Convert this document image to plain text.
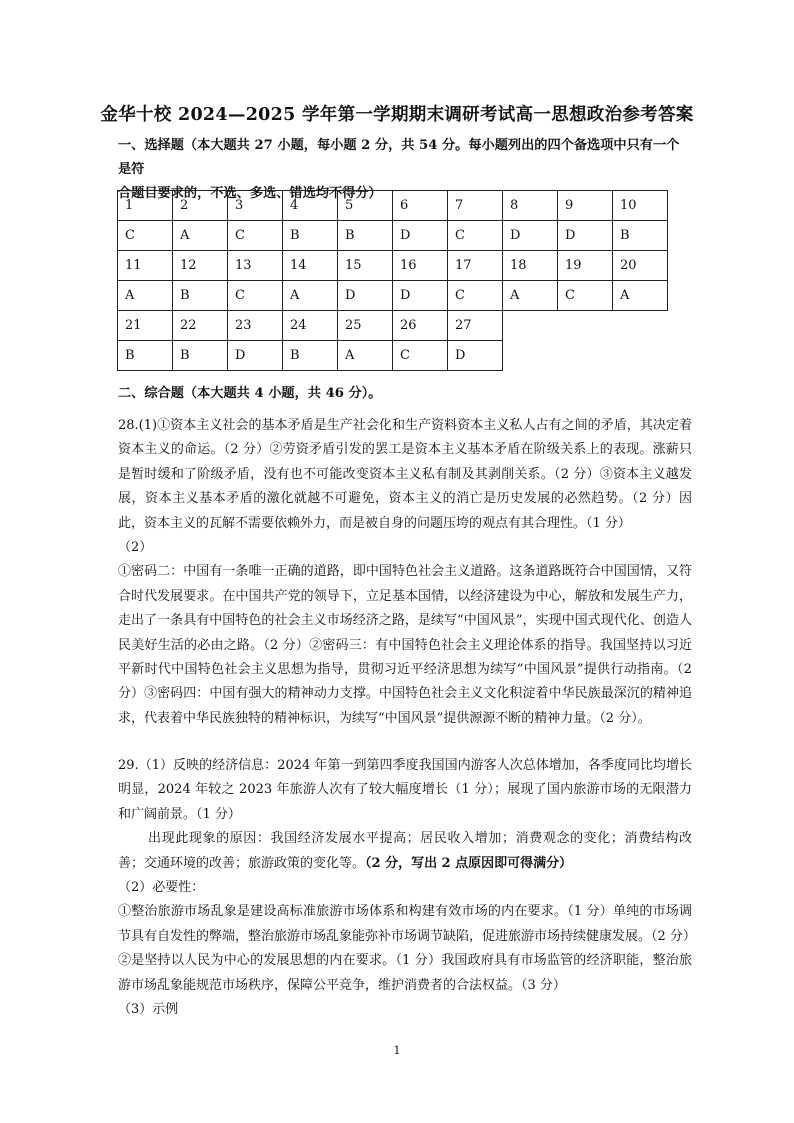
金华十校 2024—2025 学年第一学期期末调研考试高一思想政治参考答案
一、选择题（本大题共 27 小题，每小题 2 分，共 54 分。每小题列出的四个备选项中只有一个是符
合题目要求的，不选、多选、错选均不得分）
1	2	3	4	5	6	7	8	9	10
C	A	C	B	B	D	C	D	D	B
11	12	13	14	15	16	17	18	19	20
A	B	C	A	D	D	C	A	C	A
21	22	23	24	25	26	27			
B	B	D	B	A	C	D			
二、综合题（本大题共 4 小题，共 46 分）。

28.(1)①资本主义社会的基本矛盾是生产社会化和生产资料资本主义私人占有之间的矛盾，其决定着资本主义的命运。（2 分）②劳资矛盾引发的罢工是资本主义基本矛盾在阶级关系上的表现。涨薪只是暂时缓和了阶级矛盾，没有也不可能改变资本主义私有制及其剥削关系。（2 分）③资本主义越发展，资本主义基本矛盾的激化就越不可避免，资本主义的消亡是历史发展的必然趋势。（2 分）因此，资本主义的瓦解不需要依赖外力，而是被自身的问题压垮的观点有其合理性。（1 分）

（2）

①密码二：中国有一条唯一正确的道路，即中国特色社会主义道路。这条道路既符合中国国情，又符合时代发展要求。在中国共产党的领导下，立足基本国情，以经济建设为中心，解放和发展生产力，走出了一条具有中国特色的社会主义市场经济之路，是续写“中国风景”，实现中国式现代化、创造人民美好生活的必由之路。（2 分）②密码三：有中国特色社会主义理论体系的指导。我国坚持以习近平新时代中国特色社会主义思想为指导，贯彻习近平经济思想为续写“中国风景”提供行动指南。（2 分）③密码四：中国有强大的精神动力支撑。中国特色社会主义文化积淀着中华民族最深沉的精神追求，代表着中华民族独特的精神标识，为续写“中国风景”提供源源不断的精神力量。（2 分）。

29.（1）反映的经济信息：2024 年第一到第四季度我国国内游客人次总体增加，各季度同比均增长明显，2024 年较之 2023 年旅游人次有了较大幅度增长（1 分）；展现了国内旅游市场的无限潜力和广阔前景。（1 分）

出现此现象的原因：我国经济发展水平提高；居民收入增加；消费观念的变化；消费结构改善；交通环境的改善；旅游政策的变化等。（2 分，写出 2 点原因即可得满分）

（2）必要性：

①整治旅游市场乱象是建设高标准旅游市场体系和构建有效市场的内在要求。（1 分）单纯的市场调节具有自发性的弊端，整治旅游市场乱象能弥补市场调节缺陷，促进旅游市场持续健康发展。（2 分）

②是坚持以人民为中心的发展思想的内在要求。（1 分）我国政府具有市场监管的经济职能，整治旅游市场乱象能规范市场秩序，保障公平竞争，维护消费者的合法权益。（3 分）

（3）示例

1
